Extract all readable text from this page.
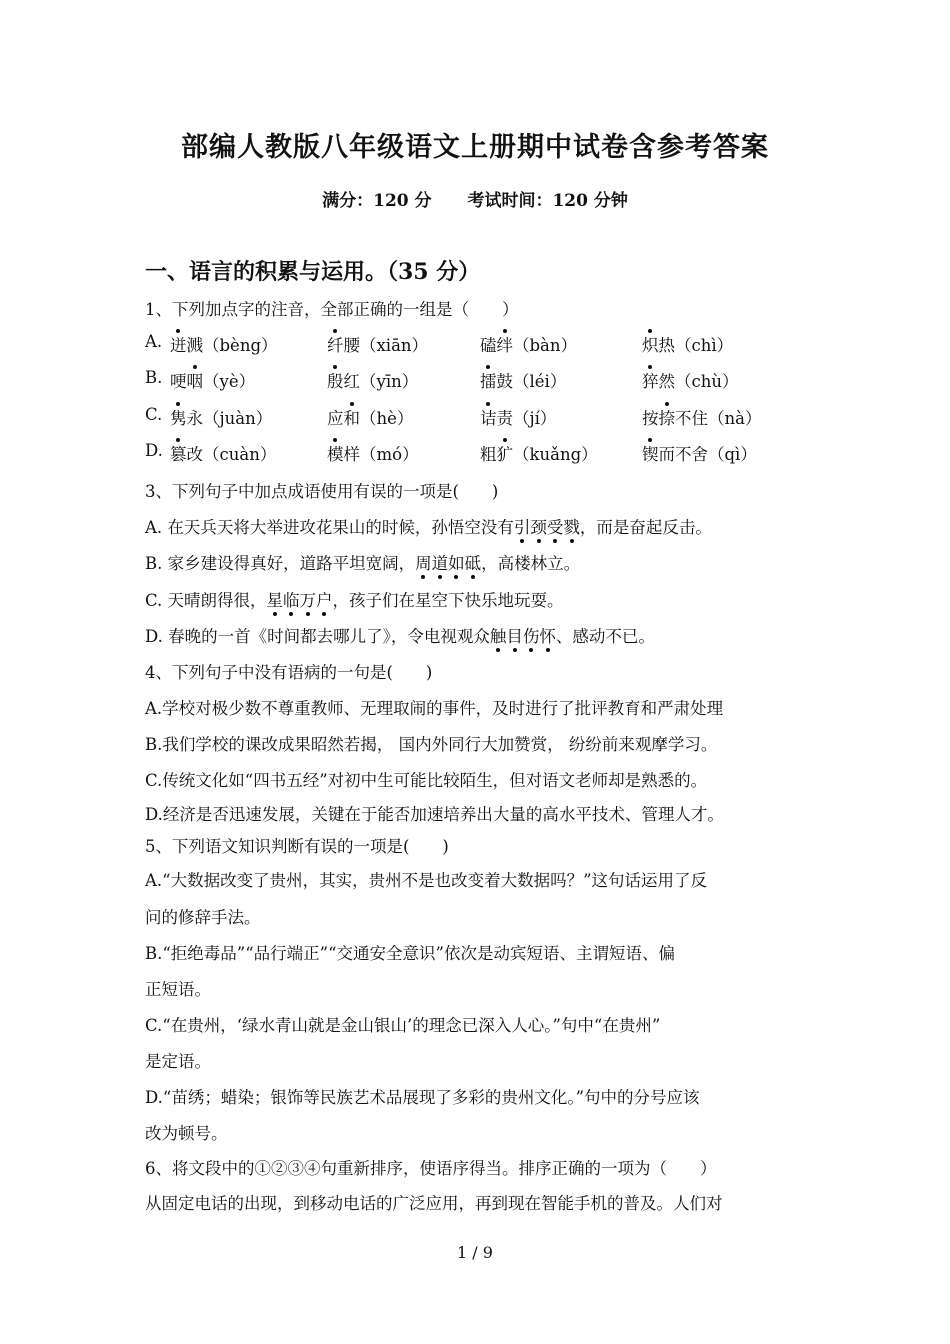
部编人教版八年级语文上册期中试卷含参考答案
满分：120 分 考试时间：120 分钟
一、语言的积累与运用。（35 分）
1、下列加点字的注音，全部正确的一组是（　　）
A. 迸溅（bèng）	纤腰（xiān）	磕绊（bàn）	炽热（chì）
B. 哽咽（yè）	殷红（yīn）	擂鼓（léi）	猝然（chù）
C. 隽永（juàn）	应和（hè）	诘责（jí）	按捺不住（nà）
D. 篡改（cuàn）	模样（mó）	粗犷（kuǎng）	锲而不舍（qì）
3、下列句子中加点成语使用有误的一项是(　　)
A. 在天兵天将大举进攻花果山的时候，孙悟空没有引颈受戮，而是奋起反击。
B. 家乡建设得真好，道路平坦宽阔，周道如砥，高楼林立。
C. 天晴朗得很，星临万户，孩子们在星空下快乐地玩耍。
D. 春晚的一首《时间都去哪儿了》，令电视观众触目伤怀、感动不已。
4、下列句子中没有语病的一句是(　　)
A.学校对极少数不尊重教师、无理取闹的事件，及时进行了批评教育和严肃处理
B.我们学校的课改成果昭然若揭， 国内外同行大加赞赏， 纷纷前来观摩学习。
C.传统文化如“四书五经”对初中生可能比较陌生，但对语文老师却是熟悉的。
D.经济是否迅速发展，关键在于能否加速培养出大量的高水平技术、管理人才。
5、下列语文知识判断有误的一项是(　　)
A.“大数据改变了贵州，其实，贵州不是也改变着大数据吗？”这句话运用了反
问的修辞手法。
B.“拒绝毒品”“品行端正”“交通安全意识”依次是动宾短语、主谓短语、偏
正短语。
C.“在贵州，‘绿水青山就是金山银山’的理念已深入人心。”句中“在贵州”
是定语。
D.“苗绣；蜡染；银饰等民族艺术品展现了多彩的贵州文化。”句中的分号应该
改为顿号。
6、将文段中的①②③④句重新排序，使语序得当。排序正确的一项为（　　）
从固定电话的出现，到移动电话的广泛应用，再到现在智能手机的普及。人们对
1 / 9
